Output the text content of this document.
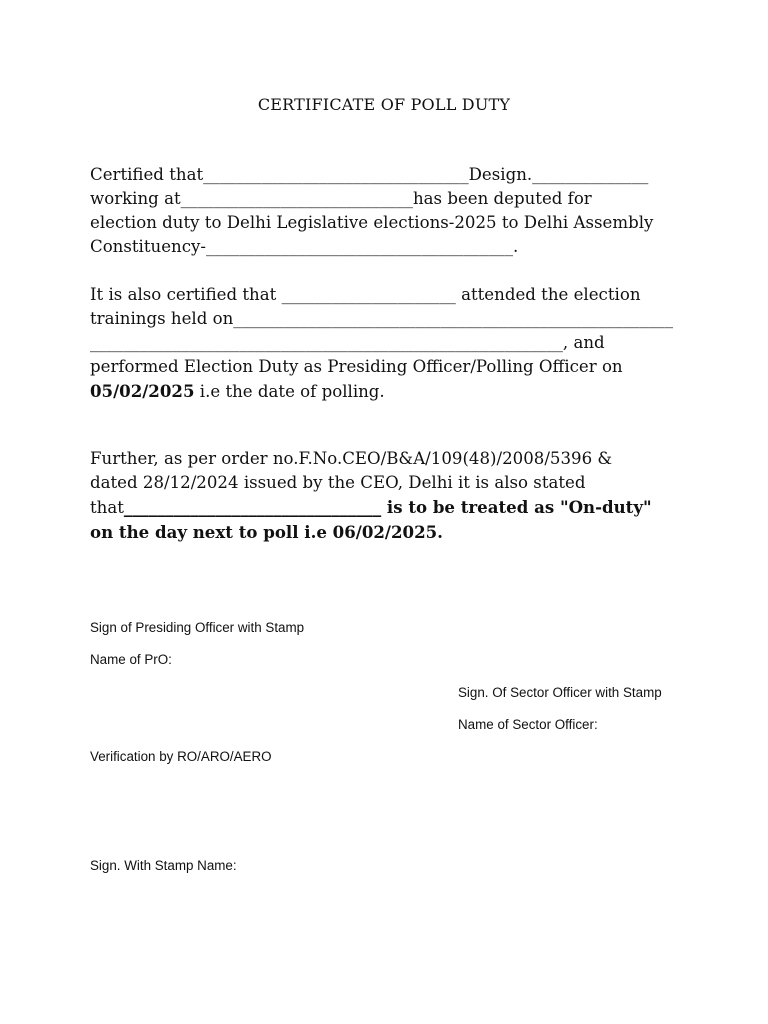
CERTIFICATE OF POLL DUTY
Certified that________________________________Design.______________
working at____________________________has been deputed for
election duty to Delhi Legislative elections-2025 to Delhi Assembly
Constituency-_____________________________________.
It is also certified that _____________________ attended the election
trainings held on_____________________________________________________
_________________________________________________________, and
performed Election Duty as Presiding Officer/Polling Officer on
05/02/2025 i.e the date of polling.
Further, as per order no.F.No.CEO/B&A/109(48)/2008/5396 &
dated 28/12/2024 issued by the CEO, Delhi it is also stated
that_______________________________ is to be treated as "On-duty"
on the day next to poll i.e 06/02/2025.
Sign of Presiding Officer with Stamp
Name of PrO:
Sign. Of Sector Officer with Stamp
Name of Sector Officer:
Verification by RO/ARO/AERO
Sign. With Stamp Name:
